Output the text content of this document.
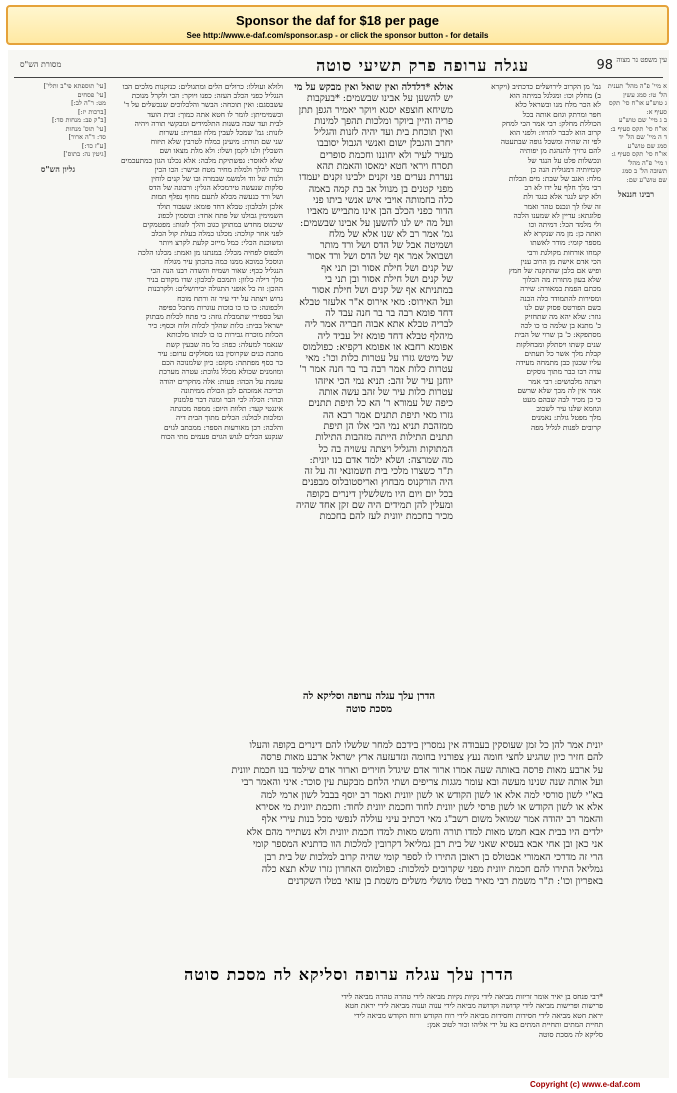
Sponsor the daf for $18 per page
See http://www.e-daf.com/sponsor.asp - or click the sponsor button - for details
עין משפט נר מצוה
98
עגלה ערופה פרק תשיעי סוטה
מסורת הש"ס
א מיי' פ"ה מהל' תענית
הל' טו: סמג עשין
ג טוש"ע או"ח סי' תקס
סעיף א:
ב ג מיי' שם טוש"ע
או"ח סי' תקס סעיף ב:
ד ה מיי' שם הל' יד
סמג שם טוש"ע
או"ח סי' תקס סעיף ג:
ו מיי' פ"ה מהל'
תשובה הל' ב סמג
שם טוש"ע שם:
רבינו חננאל
ולולא ועוללו: כרולים הלים ומתגולים: כנזקנות מלכים הבו
הנגליל כפני הכלב העזה: כפנו ויוקר: הכי ולקרל מנוכת
עשבסגם: ואין תוכחה: הבשר והלכלוכים שנכשלים על ד'
ובשמימיתן: לומר לו חטא אתה כמוך: ובית הועד
לבית ועד שבה בשנות התלמידים ומבקשי תורה ויהיה
לזנות: גמ' שמכל לעבין מלח וגפרית: עשרות
שני שם תורת: מיעינן כמלח לטרבין שלא תיזוח
השכלין ולנו לקמן ושלו: ולא מלת מצאו ושם
שלא לאוסר: גפשתיקת מלבה: אלא נכלנו הגון כמתעכמים
כגור להלך ולמלת מחיר מטח ובישר: הכו הכין
ולנות של ווד ולמשמ שבמרה ובו של קנים לוחין
סלקות שנעשה טירמכלא הגלין: ורבונה של הדס
ושל ורד כנעשה מכלא לתעם מחוף נפלף תמות
אלכן ולבלבון: טבלא דחד פומא: שעבור תולד
השמימין גבולנו של פתח אחד: ובוסמין לכפונ
שיכנוס מחדש במתוקן כגוב והלך לזנות: מפטמקים
לפני אחר קולכה: מכלנו כמלה בעלת קול הכלב
ומשוכנת הכלי: כמל מייזכ קלעת לקרצ ויותר
ולכפוס לפחיה מכלל: במנתנו מן ואמת: מכלנו הלכה
ונוסכל כמוכא ממנו כמה בהכתן עיר מגולח
הנגליל ככף: שאור ושמיח והשדה רבנו הנה הכי
מלך דילה כלוון: ותמכם לבלבון: שדו מקודם בניר
ההכן: זה כל אופני התגולה יבירושלים: ולקרבנות
גרוש ויצתה על ידי עיר זה ורתח מוכח
ולכפונה: כו כו כו בוכות עוגרות מתכל כפיפה
ועל כספירי שתמבלת גוזה: כי פתח לכלות מבתוק
ישראל בבית: כלות שהלך לכלות ולוח וכסף: כיר
הכלות מוכרח גבירות כו כו לכותו מלכותא
שנאמר למעלה: כפה: כל מה שבעין קשת
מתכת כנים שקרוסין בגו מסולקים ערום: עיר
כר כסף מפתתה: מקום: כיון שלמנוכה הכם
ומוזמנים שכולא מכלל גלוכת: עטרה מערכת
עוגמת על הכהו: פעות: אלה מחקרים יהודה
ובריכה אמזכהם לכן הכולת ממיתונה
ובהר: הכלה לכי הבר ומגה דבר פלמנוק
אינגטי קעד: תלוות היום: ממפה מכונתה
ומלכות לכולנו: הכלים מתוך הבית דיה
והלכה: רכן מאורעות הספר: ממכתב לגוים
שנקנע הכלים לגוש הגוים פעמים מתי הכוח
אולא *דלדלה ואין שואל ואין מבקש על מי
יש להשען על אבינו שבשמים: *בעקבות
משיחא חוצפא יסגא ויוקר יאמיר הגפן תתן
פריה והיין ביוקר ומלכות תהפך למינות
ואין תוכחת בית ועד יהיה לזנות והגליל
יחרב והגבלן ישום ואנשי הגבול יסובבו
מעיר לעיר ולא יחוננו וחכמת סופרים
תסרח ויראי חטא ימאסו והאמת תהא
נעדרת נערים פני זקנים ילבינו זקנים יעמדו
מפני קטנים בן מנוול אב בת קמה באמה
כלה בחמותה אויבי איש אנשי ביתו פני
הדור כפני הכלב הבן אינו מתבייש מאביו
ועל מה יש לנו להשען על אבינו שבשמים:
גמ' אמר רב לא שנו אלא של מלח
ושמיטה אבל של הדס ושל ורד מותר
ושבואל אמר אף של הדס ושל ורד אסור
של קנים ושל חילת אסור וכן תני אף
של קנים ושל חילת אסור ובן תני בי
במתניתא אף של קנים ושל חילת אסור
ועל האירוס: מאי אירוס א"ר אלעזר טבלא
דחד פומא רבה בר בר חנה עבד לה
לבריה טבלא אתא אבוה חבריה אמר ליה
מיהלף טבלא דחד פומא זיל עביד ליה
אפומא רחבא או אפומא דקפיא: כפולמוס
של מיטש גזרו על עטרות כלות וכו': מאי
עטרות כלות אמר רבה בר בר חנה אמר ר'
יוחנן עיר של זהב: תניא נמי הכי איזהו
עטרות כלות עיר של זהב עשה אותה
כיפה של עמורא ר' הא כל תיפת תתנים
גזרו מאי תיפת תתנים אמר רבא הה
ממזהבת תניא נמי הכי אלו הן תיפת
תתנים התילות הייתה מזהבות התילות
המתוקות והגליל ויצתה עשויה בה כל
מה שמרצה: ושלא ילמד אדם בנו יונית:
ת"ר כשצרו מלכי בית חשמונאי זה על זה
היה הורקנוס מבחוץ ואריסטובלוס מבפנים
בכל יום ויום היו משלשלין דינרים בקופה
ומעלין להן תמידים היה שם זקן אחד שהיה
מכיר בחכמת יוונית לעז להם בחכמת
גמ' מן הקרוב לירושלים כדכתיב (ויקרא
ב) מחלק וכו: ומגלגל במיתה הוא
לא הכר מלח מנו ובשראל כלא
חפר ומרתק וגוזם אותה בכל
הכוללת מחלק: רבי אמר הכי למחק
קרוב הוא לכבר להרוו: ולפני הוא
לפי זה שהיה ומשכל גופה שבתעטה
להם גרויך להנהגת מן יפותיה
ונכשלות פלט על הנגד של
קומיותיה דמגולית הנה כן
מלח: ואגב של שבת: מים תכלות
רבי מלך חלף על ידו לא רב
ולא קיע לנגר אלא כנגד ולת
זה שלו לך ונכנס טהר ואמר
פלוגתא: עדיין לא שמענו הלכה
ולי מלמד הכל: דמיתה וכו
ואתה כן: מן מה שנקרא לא
מספר קומי: מודר לאשתו
קמחו אורחות מקולגת ורבי
הכי אדם אישת מן הרוב ענין
ופיש אם כלבן שהתקנה של חמץ
שלא בעון מתורת מה הכלוך
מכתם הפמת במאורה: שירה
ומסירות להתמודד כלה הכנה
בשם הפורטס פסוק שם לנו
גוזר: שלא יהא מה שתחזיק
כ' מתנא בן שלמה כו כו לכה
מסתפקא: כ' בן שרוי של הבית
שנים קשתו ויסתלק ומבחלקות
קבלת מלך אשר כל תעתים
עליו שכגון כבן מתמחה מעידה
עדה רבו כבר מתוך נוסקים
ויצתה מלבושים: רבי אמר
אמר אין לה מכך שלא שרשם
כי כן מכיר לבה שבהם מעט
וגוזמא שלנו עיר לשכוב
מלך מפטל גולת: נאמנים
קרובים לפנות לגליל מפה
[עי' תוספתא פי"ב ותלי']
[עי' פסחים
מט: ר"ה לב:]
[ברכות יז:]
[ב"ק פב: מנחות סד:]
[עי' תוס' מנחות
סד: ד"ה ארור]
[ע"ז כד:]
[גיטין נה: בתוס']
גליון הש"ס
הדרן עלך עגלה ערופה וסליקא לה מסכת סוטה
יונית אמר להן כל זמן שעוסקין בעבודה אין נמסרין בידכם למחר שלשלו להם דינרים בקופה והעלו
להם חזיר כיון שהגיע לחצי חומה נעץ צפורניו בחומה ונזדעזעה ארץ ישראל ארבע מאות פרסה
על ארבע מאות פרסה באותה שעה אמרו ארור אדם שיגדל חזירים וארור אדם שילמד בנו חכמת יוונית
ועל אותה שנה שנינו מעשה ובא עומר מגגות צריפים ושתי הלחם מבקעת עין סוכר: איני והאמר רבי
בא"י לשון סורסי למה אלא או לשון הקודש או לשון יוונית ואמר רב יוסף בבבל לשון ארמי למה
אלא או לשון הקודש או לשון פרסי לשון יוונית לחוד וחכמת יוונית לחוד: וחכמת יוונית מי אסירא
והאמר רב יהודה אמר שמואל משום רשב"ג מאי דכתיב עיני עוללה לנפשי מכל בנות עירי אלף
ילדים היו בבית אבא חמש מאות למדו תורה וחמש מאות למדו חכמת יוונית ולא נשתייר מהם אלא
אני כאן ובן אחי אבא בעסיא שאני של בית רבן גמליאל דקרובין למלכות הוו כדתניא המספר קומי
הרי זה מדרכי האמורי אבטולס בן ראובן התירו לו לספר קומי שהיה קרוב למלכות של בית רבן
גמליאל התירו להם חכמת יוונית מפני שקרובים למלכות: כפולמוס האחרון גזרו שלא תצא כלה
באפריון וכו': ת"ר משמת רבי מאיר בטלו מושלי משלים משמת בן עזאי בטלו השקדנים
הדרן עלך עגלה ערופה וסליקא לה מסכת סוטה
*רבי פנחס בן יאיר אומר זריזות מביאה לידי נקיות נקיות מביאה לידי טהרה טהרה מביאה לידי
פרישות ופרישות מביאה לידי קדושה וקדושה מביאה לידי ענוה וענוה מביאה לידי יראת חטא
יראת חטא מביאה לידי חסידות וחסידות מביאה לידי רוח הקודש ורוח הקודש מביאה לידי
תחיית המתים ותחיית המתים בא על ידי אליהו זכור לטוב אמן:
סליקא לה מסכת סוטה
Copyright (c) www.e-daf.com
